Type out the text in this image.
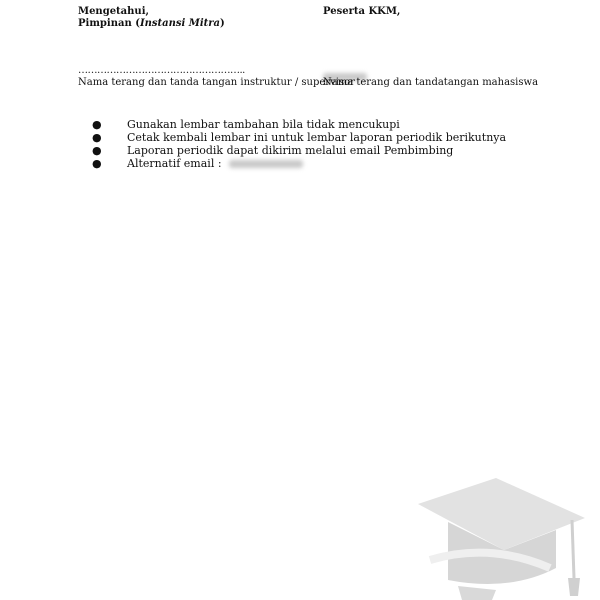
Mengetahui,
Pimpinan (Instansi Mitra)
Peserta KKM,
……………………………………………..
Nama terang dan tanda tangan instruktur / supervisor
Nama terang dan tandatangan mahasiswa
● Gunakan lembar tambahan bila tidak mencukupi
● Cetak kembali lembar ini untuk lembar laporan periodik berikutnya
● Laporan periodik dapat dikirim melalui email Pembimbing
● Alternatif email :
